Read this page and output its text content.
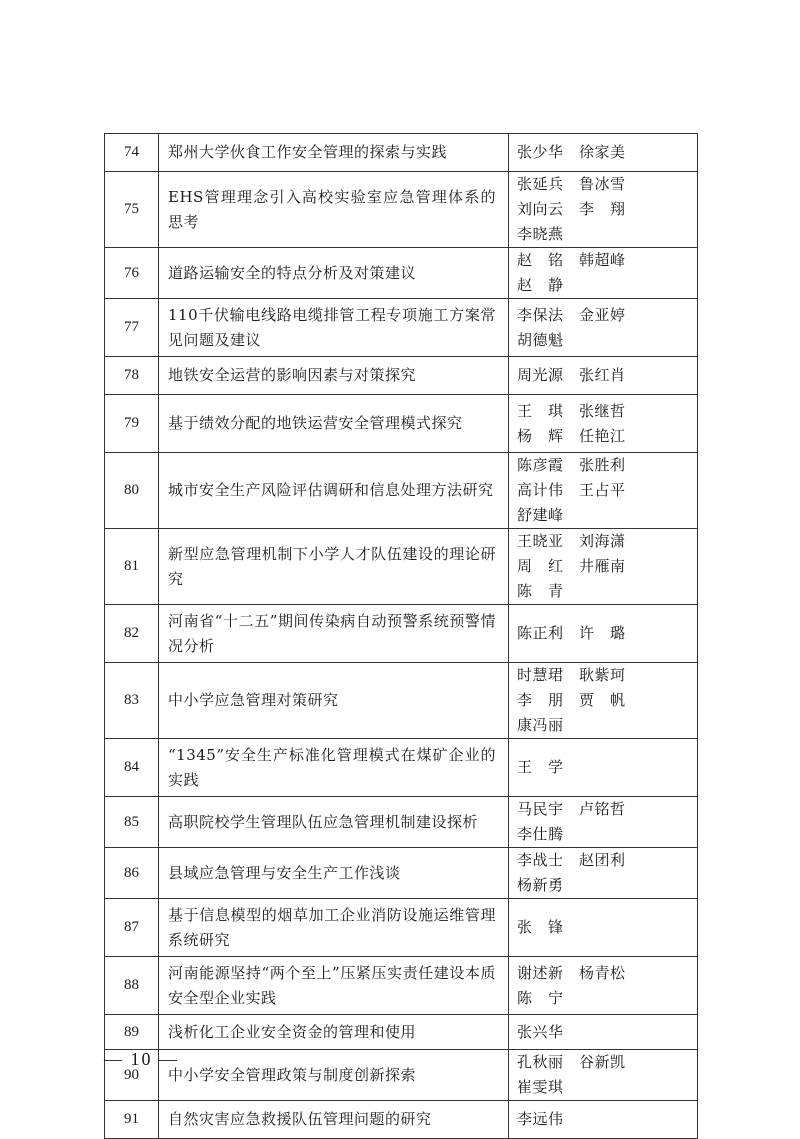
74	郑州大学伙食工作安全管理的探索与实践	张少华 徐家美

75	EHS管理理念引入高校实验室应急管理体系的思考	张延兵 鲁冰雪
刘向云 李　翔
李晓燕

76	道路运输安全的特点分析及对策建议	赵　铭 韩超峰
赵　静

77	110千伏输电线路电缆排管工程专项施工方案常见问题及建议	李保法 金亚婷
胡德魁

78	地铁安全运营的影响因素与对策探究	周光源 张红肖

79	基于绩效分配的地铁运营安全管理模式探究	王　琪 张继哲
杨　辉 任艳江

80	城市安全生产风险评估调研和信息处理方法研究	陈彦霞 张胜利
高计伟 王占平
舒建峰

81	新型应急管理机制下小学人才队伍建设的理论研究	王晓亚 刘海潇
周　红 井雁南
陈　青

82	河南省“十二五”期间传染病自动预警系统预警情况分析	陈正利 许　璐

83	中小学应急管理对策研究	时慧珺 耿紫珂
李　朋 贾　帆
康冯丽

84	“1345”安全生产标准化管理模式在煤矿企业的实践	王　学

85	高职院校学生管理队伍应急管理机制建设探析	马民宇 卢铭哲
李仕腾

86	县域应急管理与安全生产工作浅谈	李战士 赵团利
杨新勇

87	基于信息模型的烟草加工企业消防设施运维管理系统研究	张　锋

88	河南能源坚持“两个至上”压紧压实责任建设本质安全型企业实践	谢述新 杨青松
陈　宁

89	浅析化工企业安全资金的管理和使用	张兴华

90	中小学安全管理政策与制度创新探索	孔秋丽 谷新凯
崔雯琪

91	自然灾害应急救援队伍管理问题的研究	李远伟
— 10 —
